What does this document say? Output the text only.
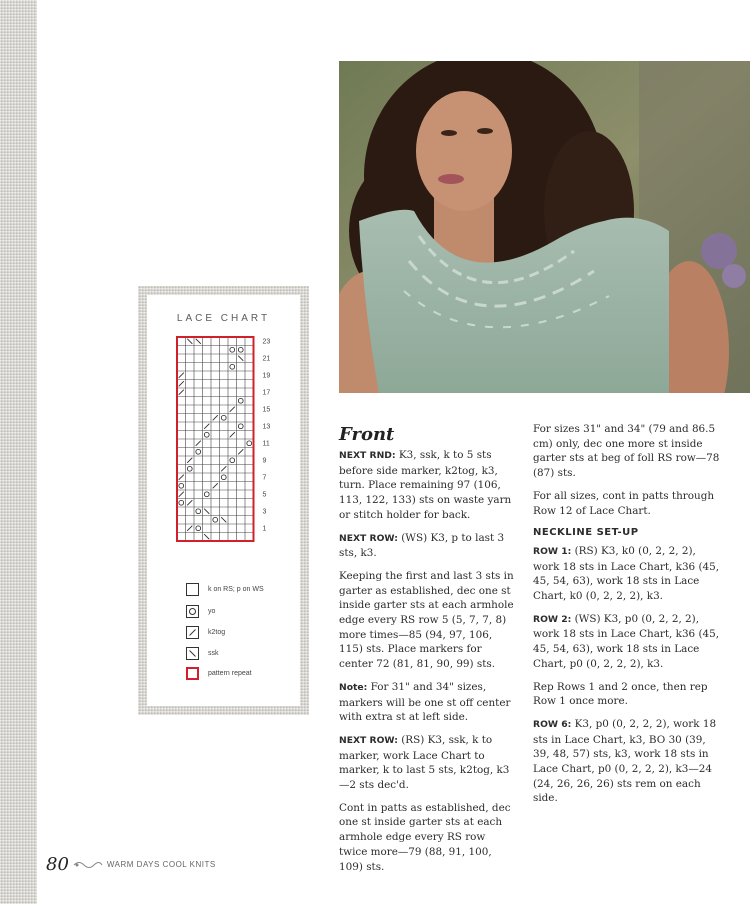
LACE CHART
23
21
19
17
15
13
11
9
7
5
3
1
k on RS; p on WS
yo
k2tog
ssk
pattern repeat
Front

NEXT RND: K3, ssk, k to 5 sts before side marker, k2tog, k3, turn. Place remaining 97 (106, 113, 122, 133) sts on waste yarn or stitch holder for back.

NEXT ROW: (WS) K3, p to last 3 sts, k3.

Keeping the first and last 3 sts in garter as established, dec one st inside garter sts at each armhole edge every RS row 5 (5, 7, 7, 8) more times—85 (94, 97, 106, 115) sts. Place markers for center 72 (81, 81, 90, 99) sts.

Note: For 31" and 34" sizes, markers will be one st off center with extra st at left side.

NEXT ROW: (RS) K3, ssk, k to marker, work Lace Chart to marker, k to last 5 sts, k2tog, k3—2 sts dec'd.

Cont in patts as established, dec one st inside garter sts at each armhole edge every RS row twice more—79 (88, 91, 100, 109) sts.

For sizes 31" and 34" (79 and 86.5 cm) only, dec one more st inside garter sts at beg of foll RS row—78 (87) sts.

For all sizes, cont in patts through Row 12 of Lace Chart.

NECKLINE SET-UP

ROW 1: (RS) K3, k0 (0, 2, 2, 2), work 18 sts in Lace Chart, k36 (45, 45, 54, 63), work 18 sts in Lace Chart, k0 (0, 2, 2, 2), k3.

ROW 2: (WS) K3, p0 (0, 2, 2, 2), work 18 sts in Lace Chart, k36 (45, 45, 54, 63), work 18 sts in Lace Chart, p0 (0, 2, 2, 2), k3.

Rep Rows 1 and 2 once, then rep Row 1 once more.

ROW 6: K3, p0 (0, 2, 2, 2), work 18 sts in Lace Chart, k3, BO 30 (39, 39, 48, 57) sts, k3, work 18 sts in Lace Chart, p0 (0, 2, 2, 2), k3—24 (24, 26, 26, 26) sts rem on each side.

80	WARM DAYS COOL KNITS
